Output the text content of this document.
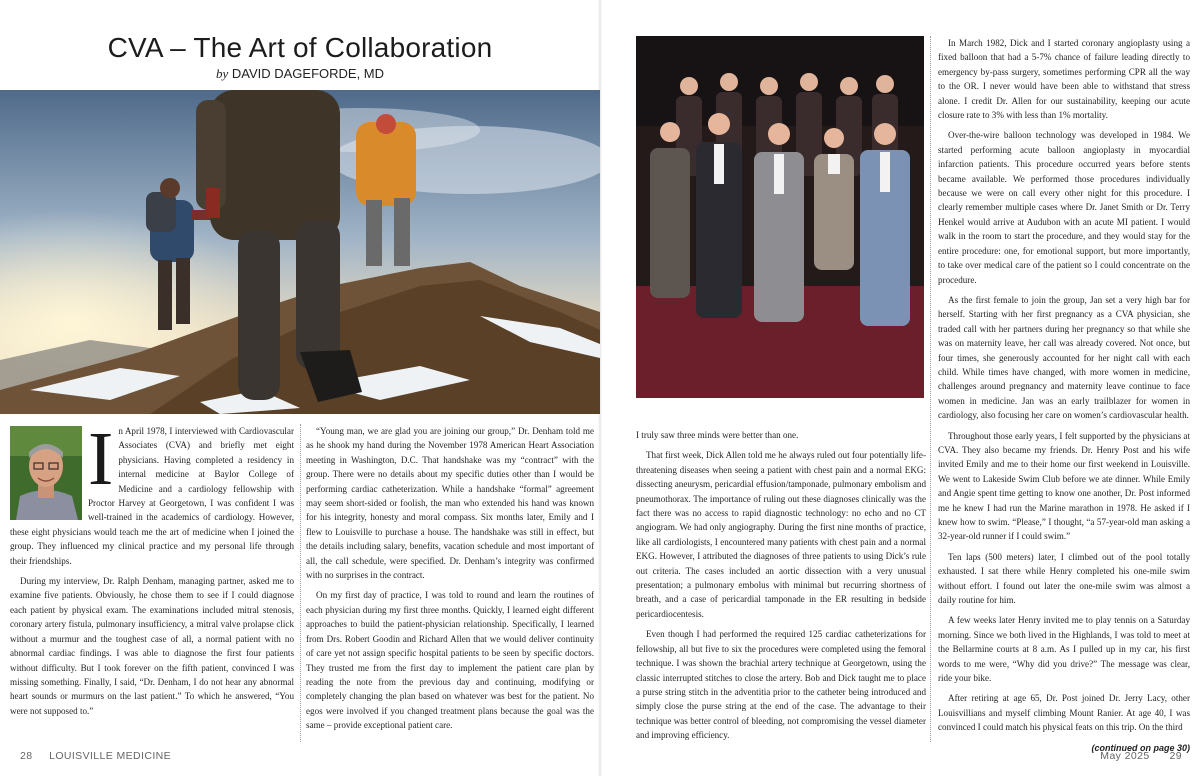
CVA – The Art of Collaboration
by DAVID DAGEFORDE, MD
I n April 1978, I interviewed with Cardiovascular Associates (CVA) and briefly met eight physicians. Having completed a residency in internal medicine at Baylor College of Medicine and a cardiology fellowship with Proctor Harvey at Georgetown, I was confident I was well-trained in the academics of cardiology. However, these eight physicians would teach me the art of medicine when I joined the group. They influenced my clinical practice and my personal life through their friendships.

During my interview, Dr. Ralph Denham, managing partner, asked me to examine five patients. Obviously, he chose them to see if I could diagnose each patient by physical exam. The examinations included mitral stenosis, coronary artery fistula, pulmonary insufficiency, a mitral valve prolapse click without a murmur and the toughest case of all, a normal patient with no abnormal cardiac findings. I was able to diagnose the first four patients without difficulty. But I took forever on the fifth patient, convinced I was missing something. Finally, I said, “Dr. Denham, I do not hear any abnormal heart sounds or murmurs on the last patient.” To which he answered, “You were not supposed to.”

“Young man, we are glad you are joining our group,” Dr. Denham told me as he shook my hand during the November 1978 American Heart Association meeting in Washington, D.C. That handshake was my “contract” with the group. There were no details about my specific duties other than I would be performing cardiac catheterization. While a handshake “formal” agreement may seem short-sided or foolish, the man who extended his hand was known for his integrity, honesty and moral compass. Six months later, Emily and I flew to Louisville to purchase a house. The handshake was still in effect, but the details including salary, benefits, vacation schedule and most important of all, the call schedule, were specified. Dr. Denham’s integrity was confirmed with no surprises in the contract.

On my first day of practice, I was told to round and learn the routines of each physician during my first three months. Quickly, I learned eight different approaches to build the patient-physician relationship. Specifically, I learned from Drs. Robert Goodin and Richard Allen that we would deliver continuity of care yet not assign specific hospital patients to be seen by specific doctors. They trusted me from the first day to implement the patient care plan by reading the note from the previous day and continuing, modifying or completely changing the plan based on whatever was best for the patient. No egos were involved if you changed treatment plans because the goal was the same – provide exceptional patient care.

28 LOUISVILLE MEDICINE

I truly saw three minds were better than one.

That first week, Dick Allen told me he always ruled out four potentially life-threatening diseases when seeing a patient with chest pain and a normal EKG: dissecting aneurysm, pericardial effusion/tamponade, pulmonary embolism and pneumothorax. The importance of ruling out these diagnoses clinically was the fact there was no access to rapid diagnostic technology: no echo and no CT angiogram. We had only angiography. During the first nine months of practice, like all cardiologists, I encountered many patients with chest pain and a normal EKG. However, I attributed the diagnoses of three patients to using Dick’s rule out criteria. The cases included an aortic dissection with a very unusual presentation; a pulmonary embolus with minimal but recurring shortness of breath, and a case of pericardial tamponade in the ER resulting in bedside pericardiocentesis.

Even though I had performed the required 125 cardiac catheterizations for fellowship, all but five to six the procedures were completed using the femoral technique. I was shown the brachial artery technique at Georgetown, using the classic interrupted stitches to close the artery. Bob and Dick taught me to place a purse string stitch in the adventitia prior to the catheter being introduced and simply close the purse string at the end of the case. The advantage to their technique was better control of bleeding, not compromising the vessel diameter and improving efficiency.

In March 1982, Dick and I started coronary angioplasty using a fixed balloon that had a 5-7% chance of failure leading directly to emergency by-pass surgery, sometimes performing CPR all the way to the OR. I never would have been able to withstand that stress alone. I credit Dr. Allen for our sustainability, keeping our acute closure rate to 3% with less than 1% mortality.

Over-the-wire balloon technology was developed in 1984. We started performing acute balloon angioplasty in myocardial infarction patients. This procedure occurred years before stents became available. We performed those procedures individually because we were on call every other night for this procedure. I clearly remember multiple cases where Dr. Janet Smith or Dr. Terry Henkel would arrive at Audubon with an acute MI patient. I would walk in the room to start the procedure, and they would stay for the entire procedure: one, for emotional support, but more importantly, to take over medical care of the patient so I could concentrate on the procedure.

As the first female to join the group, Jan set a very high bar for herself. Starting with her first pregnancy as a CVA physician, she traded call with her partners during her pregnancy so that while she was on maternity leave, her call was already covered. Not once, but four times, she generously accounted for her night call with each child. While times have changed, with more women in medicine, challenges around pregnancy and maternity leave continue to face women in medicine. Jan was an early trailblazer for women in cardiology, also focusing her care on women’s cardiovascular health.

Throughout those early years, I felt supported by the physicians at CVA. They also became my friends. Dr. Henry Post and his wife invited Emily and me to their home our first weekend in Louisville. We went to Lakeside Swim Club before we ate dinner. While Emily and Angie spent time getting to know one another, Dr. Post informed me he knew I had run the Marine marathon in 1978. He asked if I knew how to swim. “Please,” I thought, “a 57-year-old man asking a 32-year-old runner if I could swim.”

Ten laps (500 meters) later, I climbed out of the pool totally exhausted. I sat there while Henry completed his one-mile swim without effort. I found out later the one-mile swim was almost a daily routine for him.

A few weeks later Henry invited me to play tennis on a Saturday morning. Since we both lived in the Highlands, I was told to meet at the Bellarmine courts at 8 a.m. As I pulled up in my car, his first words to me were, “Why did you drive?” The message was clear, ride your bike.

After retiring at age 65, Dr. Post joined Dr. Jerry Lacy, other Louisvillians and myself climbing Mount Ranier. At age 40, I was convinced I could match his physical feats on this trip. On the third

(continued on page 30)
May 2025 29
